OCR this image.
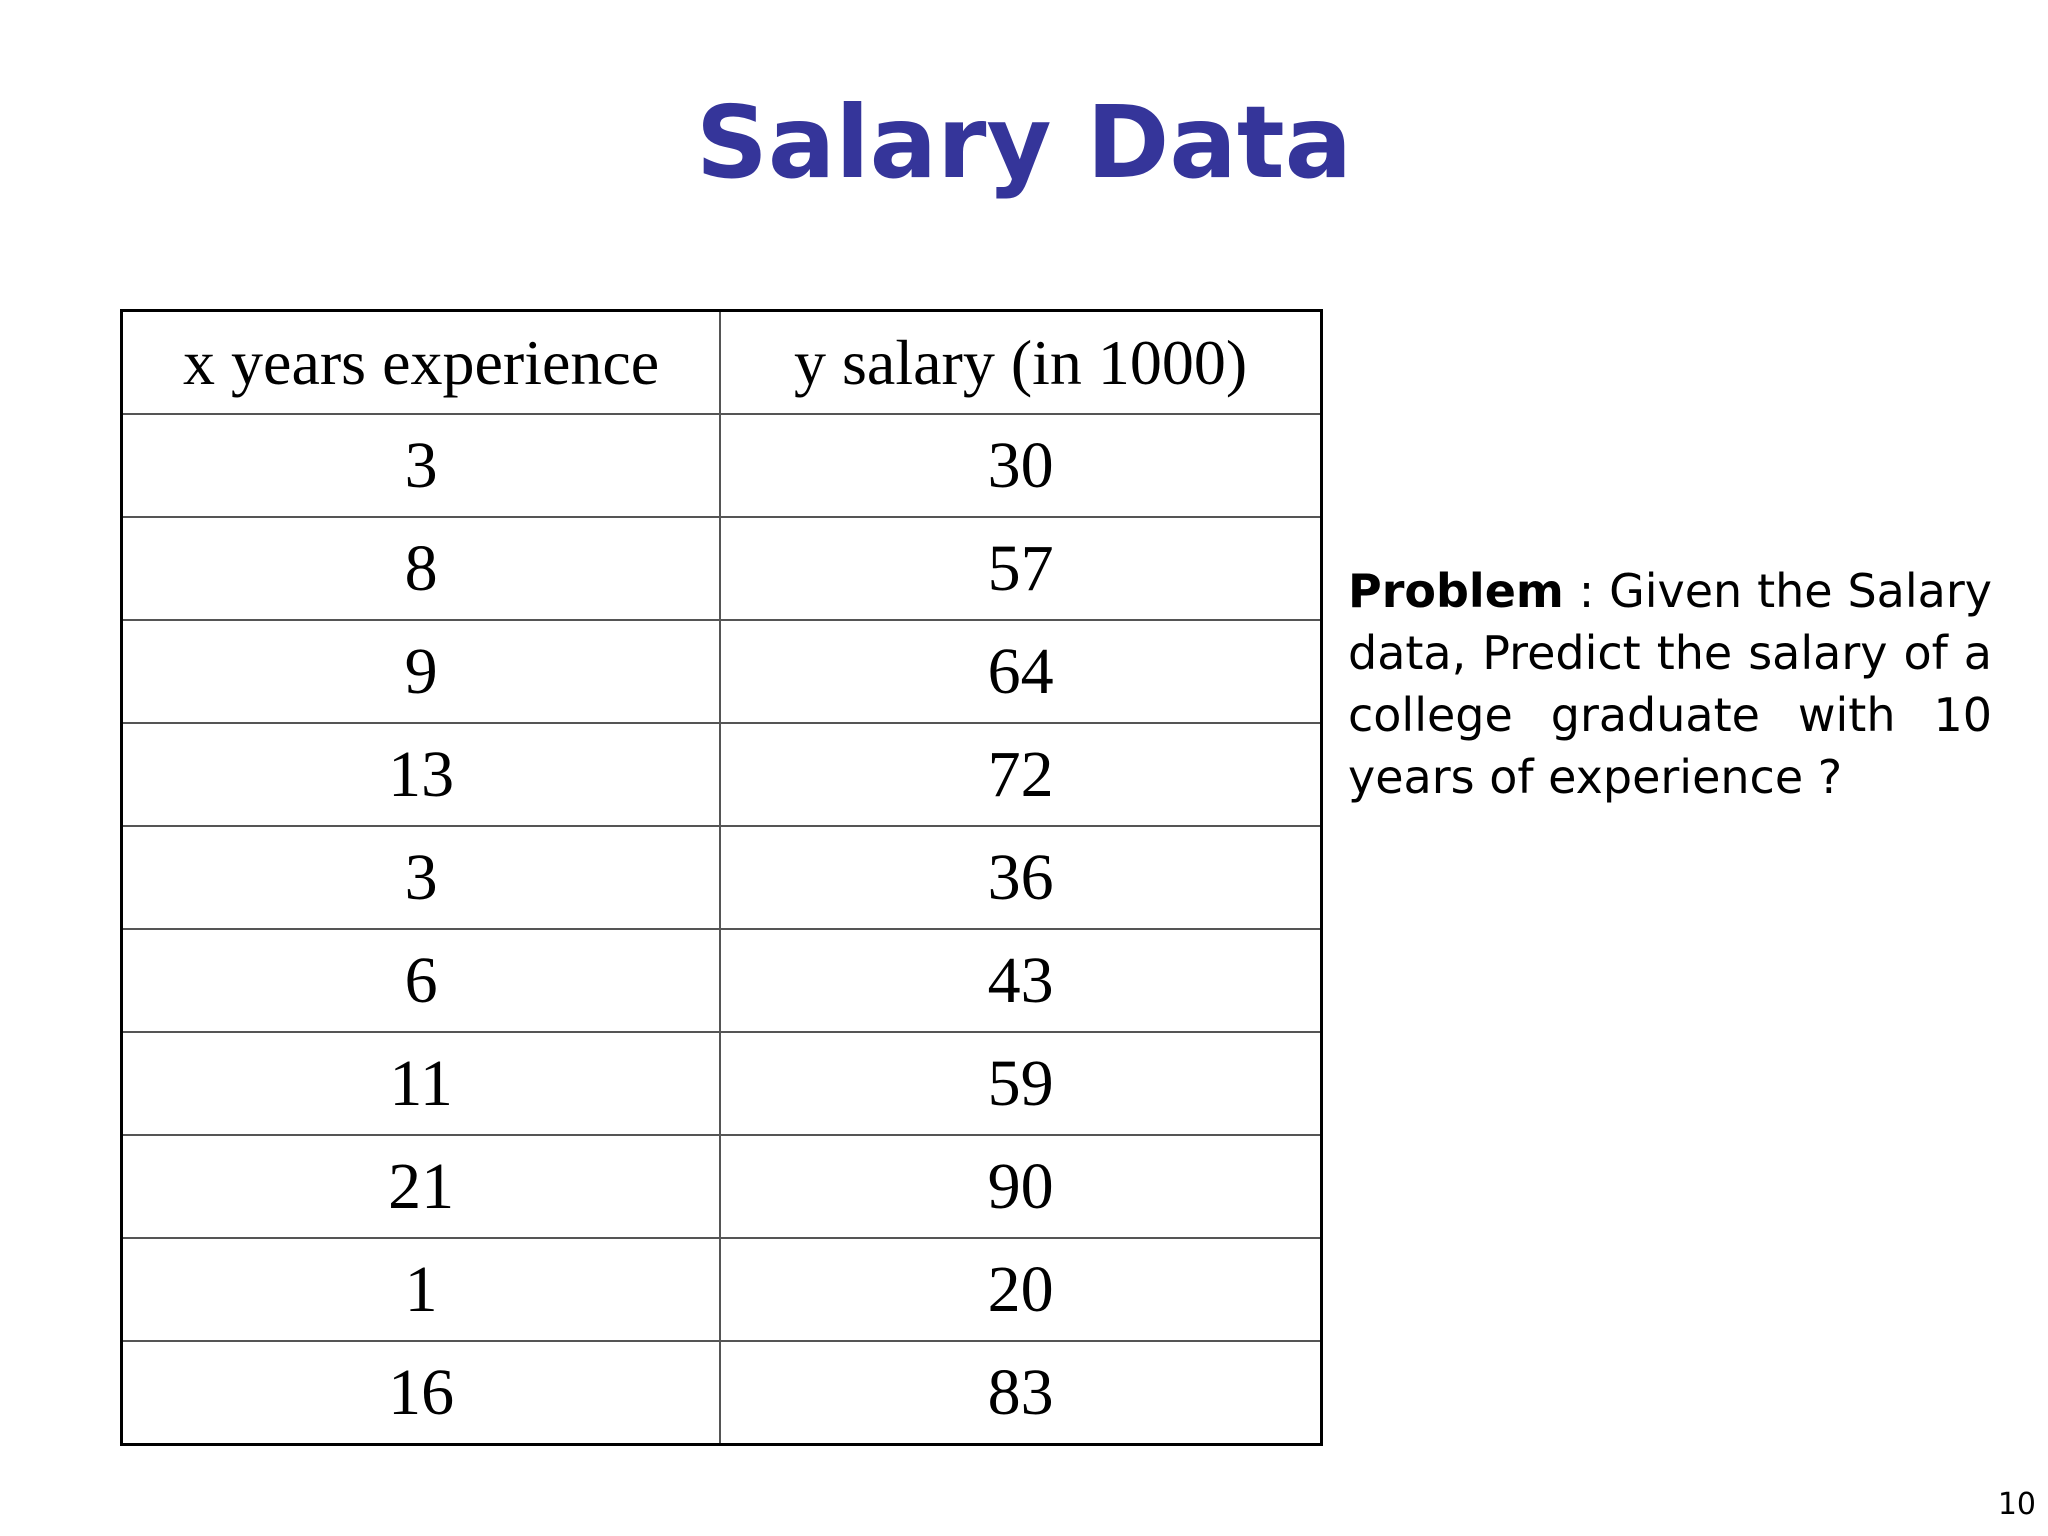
Salary Data
x years experience	y salary (in 1000)
3	30
8	57
9	64
13	72
3	36
6	43
11	59
21	90
1	20
16	83

Problem : Given the Salary data, Predict the salary of a college graduate with 10 years of experience ?

10
